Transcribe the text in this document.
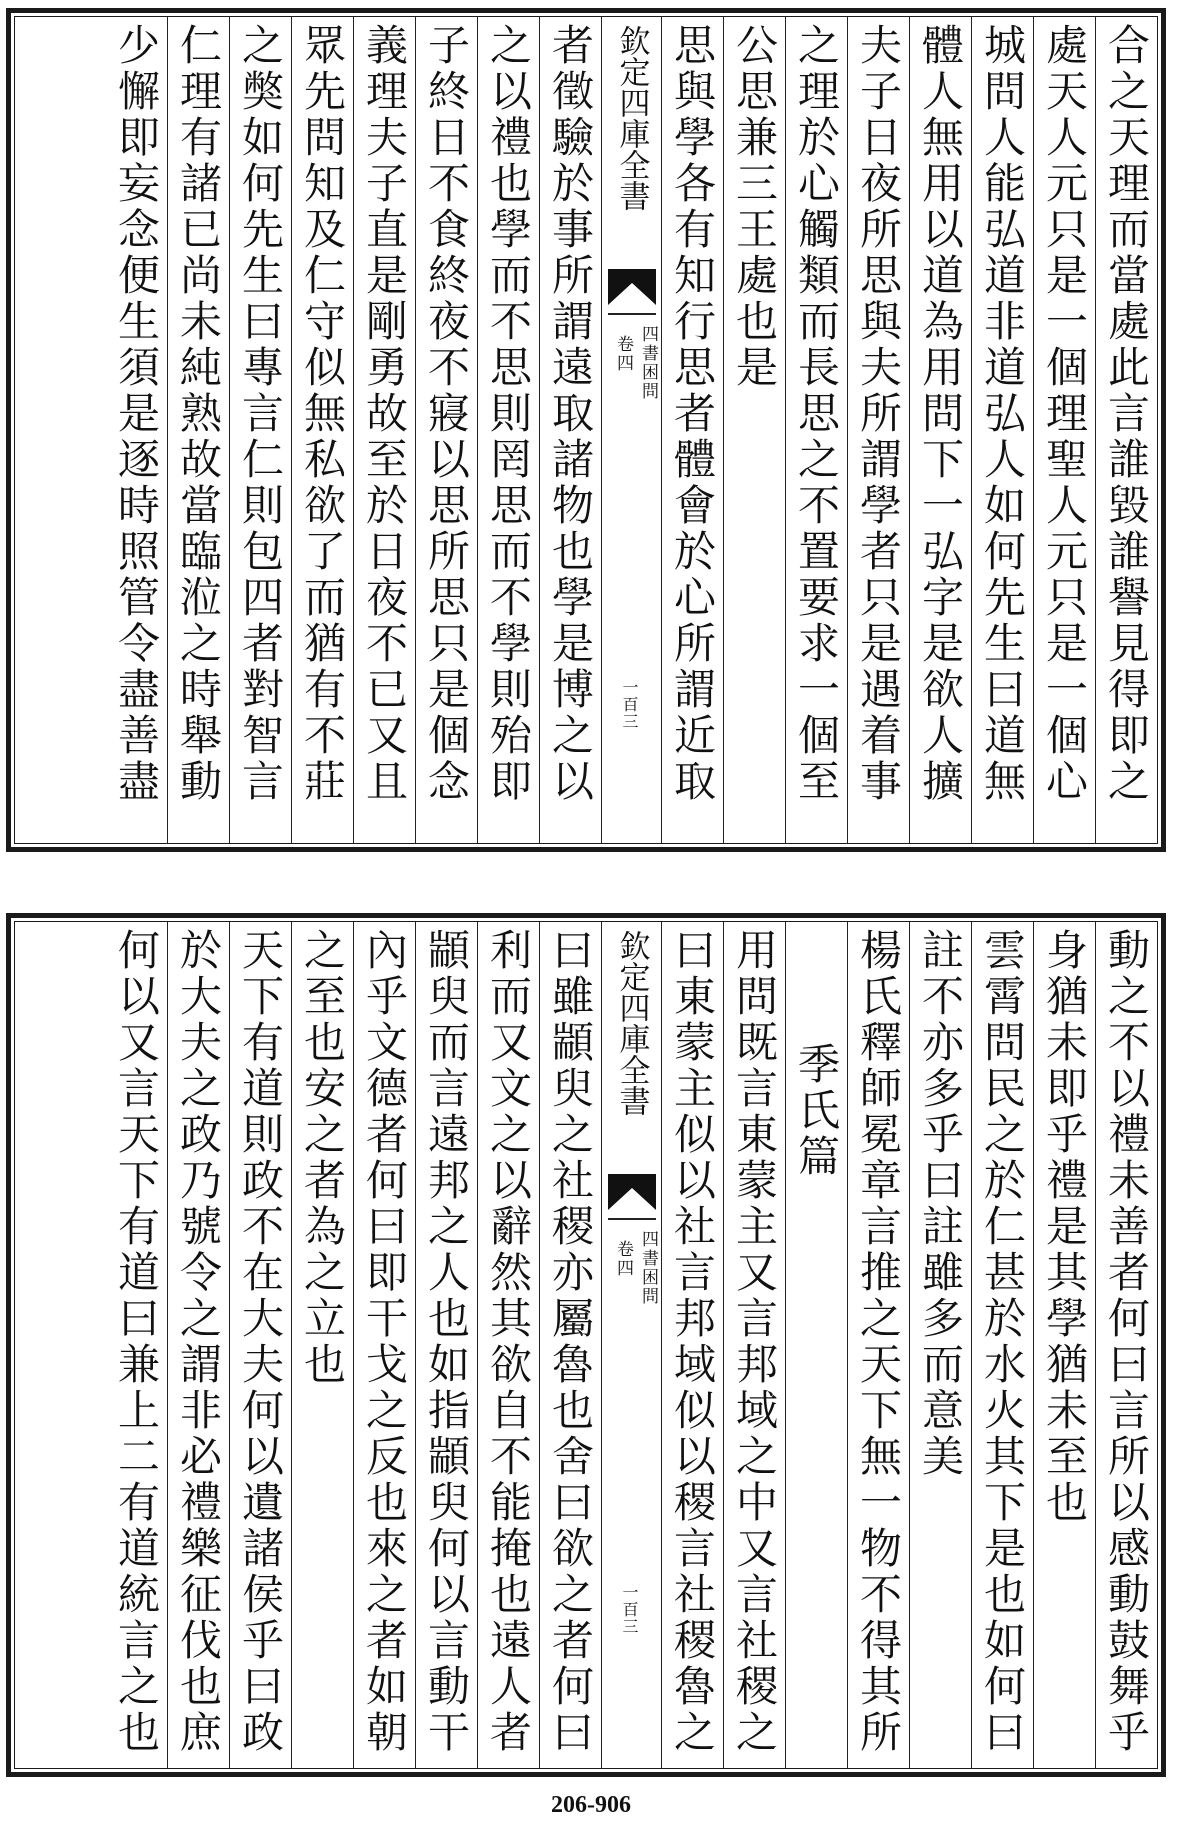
合之天理而當處此言誰毀誰譽見得即之
處天人元只是一個理聖人元只是一個心
城問人能弘道非道弘人如何先生曰道無
體人無用以道為用問下一弘字是欲人擴
夫子日夜所思與夫所謂學者只是遇着事
之理於心觸類而長思之不置要求一個至
公思兼三王處也是
思與學各有知行思者體會於心所謂近取
欽定四庫全書
四書困問
卷四
一百三
者徵驗於事所謂遠取諸物也學是博之以
之以禮也學而不思則罔思而不學則殆即
子終日不食終夜不寢以思所思只是個念
義理夫子直是剛勇故至於日夜不已又且
眾先問知及仁守似無私欲了而猶有不莊
之獘如何先生曰專言仁則包四者對智言
仁理有諸已尚未純熟故當臨涖之時舉動
少懈即妄念便生須是逐時照管令盡善盡
動之不以禮未善者何曰言所以感動鼓舞乎
身猶未即乎禮是其學猶未至也
雲霄問民之於仁甚於水火其下是也如何曰
註不亦多乎曰註雖多而意美
楊氏釋師冕章言推之天下無一物不得其所
季氏篇
用問既言東蒙主又言邦域之中又言社稷之
曰東蒙主似以社言邦域似以稷言社稷魯之
欽定四庫全書
四書困問
卷四
一百三
曰雖顓臾之社稷亦屬魯也舍曰欲之者何曰
利而又文之以辭然其欲自不能掩也遠人者
顓臾而言遠邦之人也如指顓臾何以言動干
內乎文德者何曰即干戈之反也來之者如朝
之至也安之者為之立也
天下有道則政不在大夫何以遺諸侯乎曰政
於大夫之政乃號令之謂非必禮樂征伐也庶
何以又言天下有道曰兼上二有道統言之也
206-906
